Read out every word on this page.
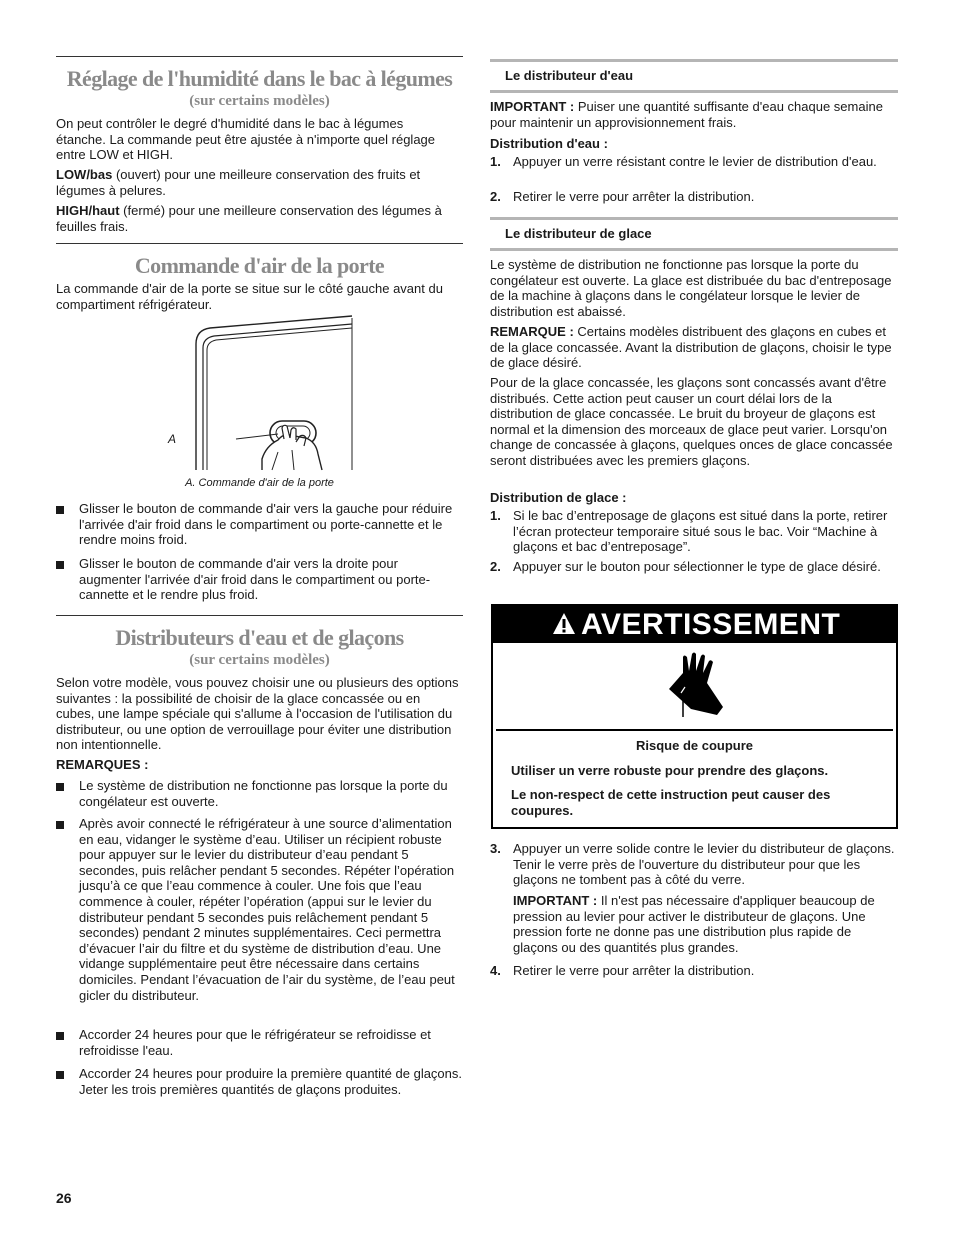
Réglage de l'humidité dans le bac à légumes

(sur certains modèles)

On peut contrôler le degré d'humidité dans le bac à légumes étanche. La commande peut être ajustée à n'importe quel réglage entre LOW et HIGH.

LOW/bas (ouvert) pour une meilleure conservation des fruits et légumes à pelures.

HIGH/haut (fermé) pour une meilleure conservation des légumes à feuilles frais.

Commande d'air de la porte

La commande d'air de la porte se situe sur le côté gauche avant du compartiment réfrigérateur.

A

A. Commande d'air de la porte

Glisser le bouton de commande d'air vers la gauche pour réduire l'arrivée d'air froid dans le compartiment ou porte-cannette et le rendre moins froid.

Glisser le bouton de commande d'air vers la droite pour augmenter l'arrivée d'air froid dans le compartiment ou porte-cannette et le rendre plus froid.

Distributeurs d'eau et de glaçons

(sur certains modèles)

Selon votre modèle, vous pouvez choisir une ou plusieurs des options suivantes : la possibilité de choisir de la glace concassée ou en cubes, une lampe spéciale qui s'allume à l'occasion de l'utilisation du distributeur, ou une option de verrouillage pour éviter une distribution non intentionnelle.

REMARQUES :

Le système de distribution ne fonctionne pas lorsque la porte du congélateur est ouverte.

Après avoir connecté le réfrigérateur à une source d’alimentation en eau, vidanger le système d’eau. Utiliser un récipient robuste pour appuyer sur le levier du distributeur d’eau pendant 5 secondes, puis relâcher pendant 5 secondes. Répéter l’opération jusqu’à ce que l’eau commence à couler. Une fois que l’eau commence à couler, répéter l’opération (appui sur le levier du distributeur pendant 5 secondes puis relâchement pendant 5 secondes) pendant 2 minutes supplémentaires. Ceci permettra d’évacuer l’air du filtre et du système de distribution d’eau. Une vidange supplémentaire peut être nécessaire dans certains domiciles. Pendant l’évacuation de l’air du système, de l’eau peut gicler du distributeur.

Accorder 24 heures pour que le réfrigérateur se refroidisse et refroidisse l'eau.

Accorder 24 heures pour produire la première quantité de glaçons. Jeter les trois premières quantités de glaçons produites.

Le distributeur d'eau

IMPORTANT : Puiser une quantité suffisante d'eau chaque semaine pour maintenir un approvisionnement frais.

Distribution d'eau :

1. Appuyer un verre résistant contre le levier de distribution d'eau.

2. Retirer le verre pour arrêter la distribution.

Le distributeur de glace

Le système de distribution ne fonctionne pas lorsque la porte du congélateur est ouverte. La glace est distribuée du bac d'entreposage de la machine à glaçons dans le congélateur lorsque le levier de distribution est abaissé.

REMARQUE : Certains modèles distribuent des glaçons en cubes et de la glace concassée. Avant la distribution de glaçons, choisir le type de glace désiré.

Pour de la glace concassée, les glaçons sont concassés avant d'être distribués. Cette action peut causer un court délai lors de la distribution de glace concassée. Le bruit du broyeur de glaçons est normal et la dimension des morceaux de glace peut varier. Lorsqu'on change de concassée à glaçons, quelques onces de glace concassée seront distribuées avec les premiers glaçons.

Distribution de glace :

1. Si le bac d’entreposage de glaçons est situé dans la porte, retirer l’écran protecteur temporaire situé sous le bac. Voir “Machine à glaçons et bac d’entreposage”.

2. Appuyer sur le bouton pour sélectionner le type de glace désiré.

3. Appuyer un verre solide contre le levier du distributeur de glaçons. Tenir le verre près de l'ouverture du distributeur pour que les glaçons ne tombent pas à côté du verre.

IMPORTANT : Il n'est pas nécessaire d'appliquer beaucoup de pression au levier pour activer le distributeur de glaçons. Une pression forte ne donne pas une distribution plus rapide de glaçons ou des quantités plus grandes.

4. Retirer le verre pour arrêter la distribution.

AVERTISSEMENT

Risque de coupure

Utiliser un verre robuste pour prendre des glaçons.

Le non-respect de cette instruction peut causer des coupures.

26
